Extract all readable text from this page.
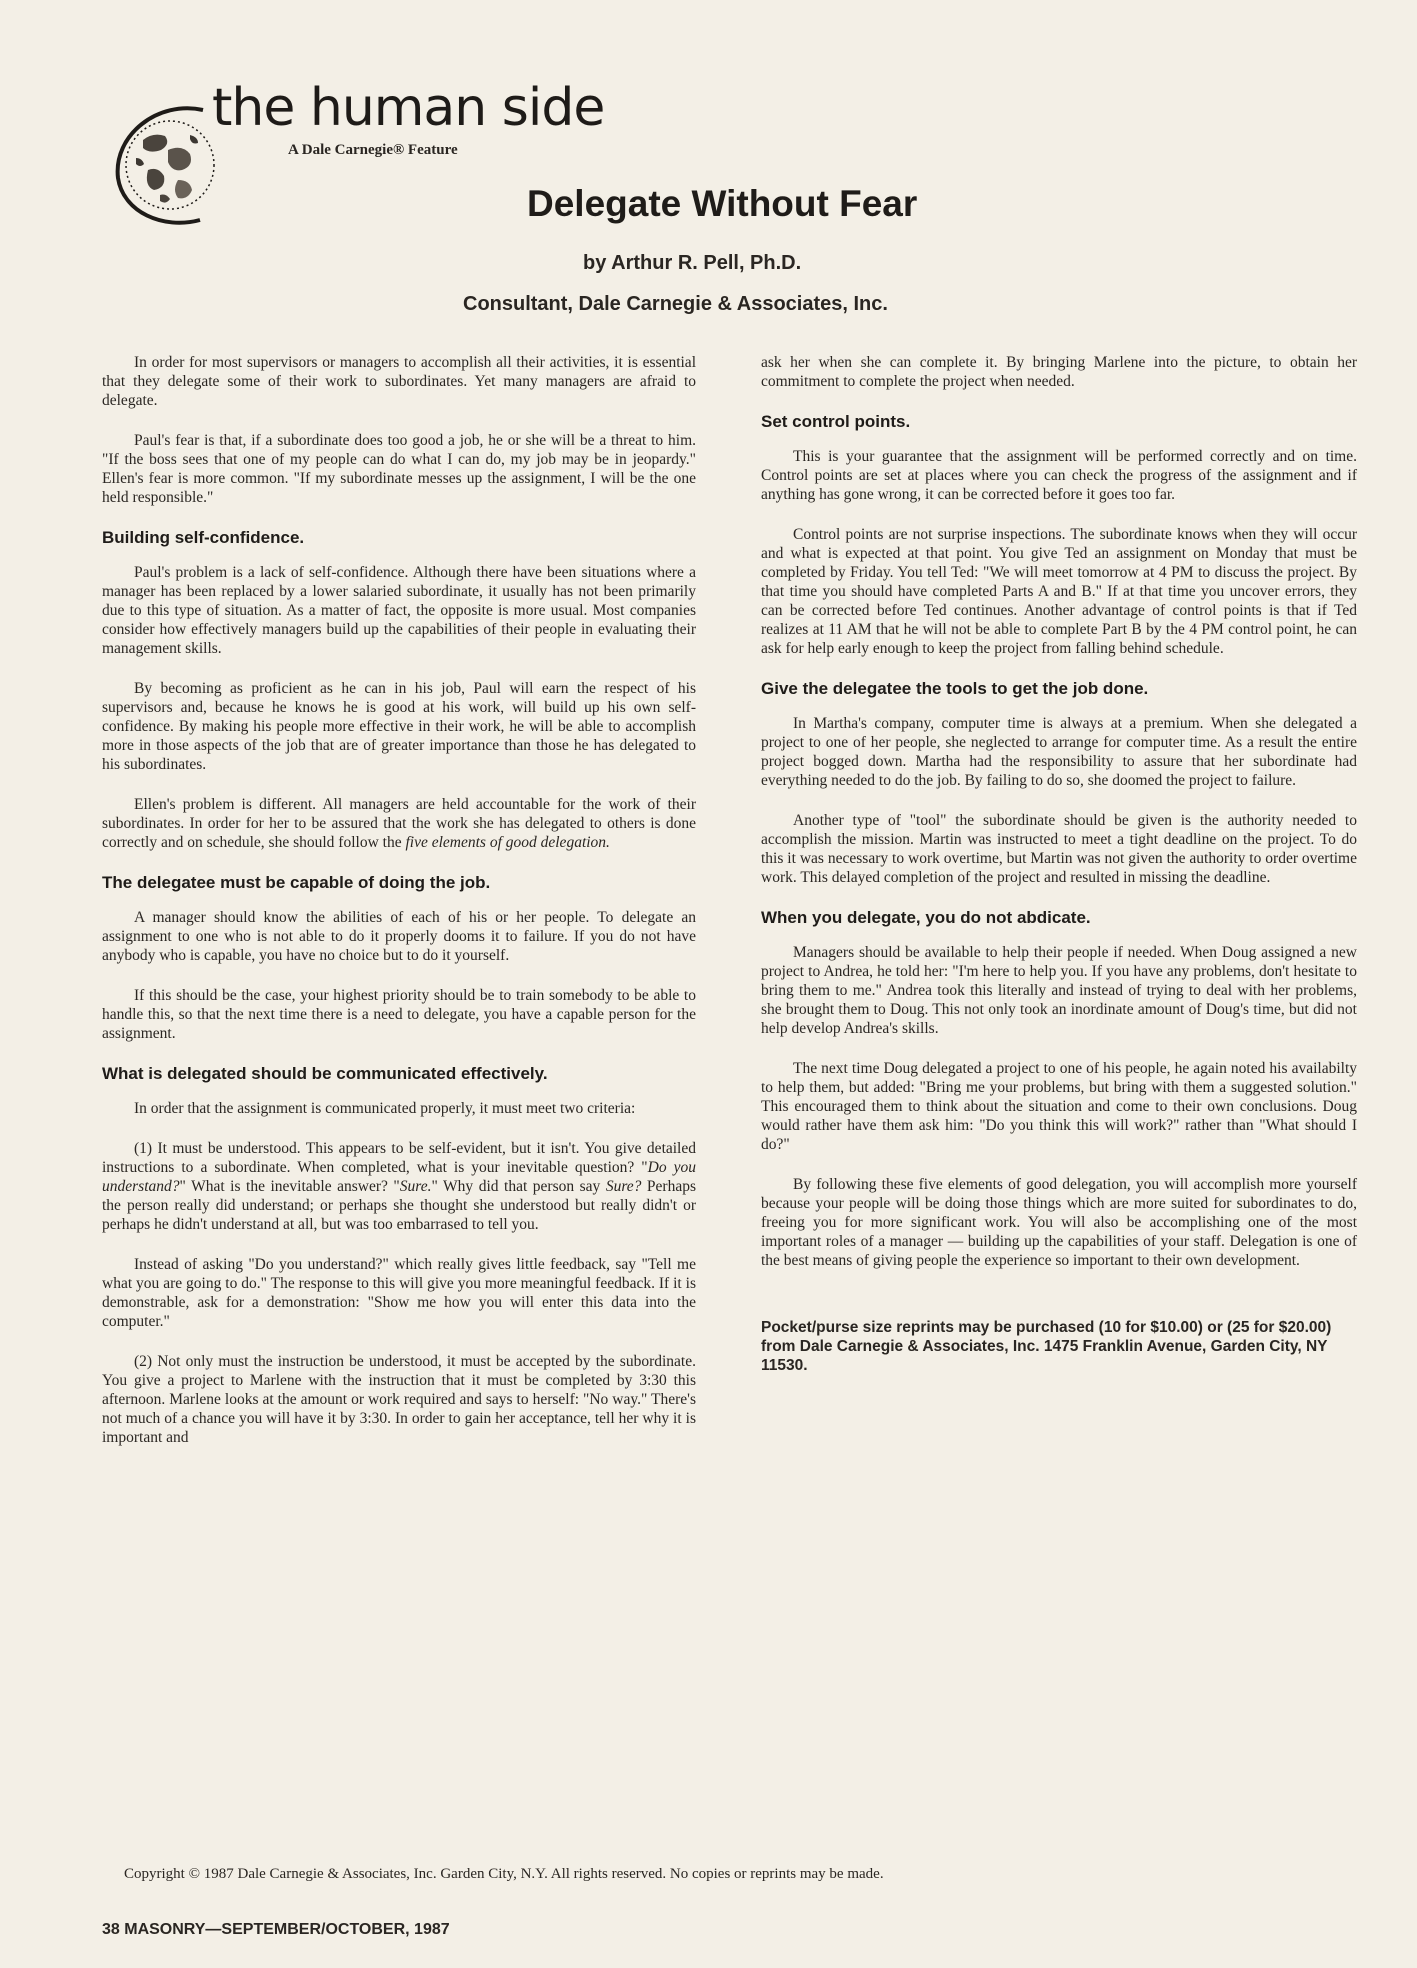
the human side
A Dale Carnegie® Feature
Delegate Without Fear
by Arthur R. Pell, Ph.D.
Consultant, Dale Carnegie & Associates, Inc.

In order for most supervisors or managers to accomplish all their activities, it is essential that they delegate some of their work to subordinates. Yet many managers are afraid to delegate.

Paul's fear is that, if a subordinate does too good a job, he or she will be a threat to him. "If the boss sees that one of my people can do what I can do, my job may be in jeopardy." Ellen's fear is more common. "If my subordinate messes up the assignment, I will be the one held responsible."

Building self-confidence.

Paul's problem is a lack of self-confidence. Although there have been situations where a manager has been replaced by a lower salaried subordinate, it usually has not been primarily due to this type of situation. As a matter of fact, the opposite is more usual. Most companies consider how effectively managers build up the capabilities of their people in evaluating their management skills.

By becoming as proficient as he can in his job, Paul will earn the respect of his supervisors and, because he knows he is good at his work, will build up his own self-confidence. By making his people more effective in their work, he will be able to accomplish more in those aspects of the job that are of greater importance than those he has delegated to his subordinates.

Ellen's problem is different. All managers are held accountable for the work of their subordinates. In order for her to be assured that the work she has delegated to others is done correctly and on schedule, she should follow the five elements of good delegation.

The delegatee must be capable of doing the job.

A manager should know the abilities of each of his or her people. To delegate an assignment to one who is not able to do it properly dooms it to failure. If you do not have anybody who is capable, you have no choice but to do it yourself.

If this should be the case, your highest priority should be to train somebody to be able to handle this, so that the next time there is a need to delegate, you have a capable person for the assignment.

What is delegated should be communicated effectively.

In order that the assignment is communicated properly, it must meet two criteria:

(1) It must be understood. This appears to be self-evident, but it isn't. You give detailed instructions to a subordinate. When completed, what is your inevitable question? "Do you understand?" What is the inevitable answer? "Sure." Why did that person say Sure? Perhaps the person really did understand; or perhaps she thought she understood but really didn't or perhaps he didn't understand at all, but was too embarrased to tell you.

Instead of asking "Do you understand?" which really gives little feedback, say "Tell me what you are going to do." The response to this will give you more meaningful feedback. If it is demonstrable, ask for a demonstration: "Show me how you will enter this data into the computer."

(2) Not only must the instruction be understood, it must be accepted by the subordinate. You give a project to Marlene with the instruction that it must be completed by 3:30 this afternoon. Marlene looks at the amount or work required and says to herself: "No way." There's not much of a chance you will have it by 3:30. In order to gain her acceptance, tell her why it is important and

ask her when she can complete it. By bringing Marlene into the picture, to obtain her commitment to complete the project when needed.

Set control points.

This is your guarantee that the assignment will be performed correctly and on time. Control points are set at places where you can check the progress of the assignment and if anything has gone wrong, it can be corrected before it goes too far.

Control points are not surprise inspections. The subordinate knows when they will occur and what is expected at that point. You give Ted an assignment on Monday that must be completed by Friday. You tell Ted: "We will meet tomorrow at 4 PM to discuss the project. By that time you should have completed Parts A and B." If at that time you uncover errors, they can be corrected before Ted continues. Another advantage of control points is that if Ted realizes at 11 AM that he will not be able to complete Part B by the 4 PM control point, he can ask for help early enough to keep the project from falling behind schedule.

Give the delegatee the tools to get the job done.

In Martha's company, computer time is always at a premium. When she delegated a project to one of her people, she neglected to arrange for computer time. As a result the entire project bogged down. Martha had the responsibility to assure that her subordinate had everything needed to do the job. By failing to do so, she doomed the project to failure.

Another type of "tool" the subordinate should be given is the authority needed to accomplish the mission. Martin was instructed to meet a tight deadline on the project. To do this it was necessary to work overtime, but Martin was not given the authority to order overtime work. This delayed completion of the project and resulted in missing the deadline.

When you delegate, you do not abdicate.

Managers should be available to help their people if needed. When Doug assigned a new project to Andrea, he told her: "I'm here to help you. If you have any problems, don't hesitate to bring them to me." Andrea took this literally and instead of trying to deal with her problems, she brought them to Doug. This not only took an inordinate amount of Doug's time, but did not help develop Andrea's skills.

The next time Doug delegated a project to one of his people, he again noted his availabilty to help them, but added: "Bring me your problems, but bring with them a suggested solution." This encouraged them to think about the situation and come to their own conclusions. Doug would rather have them ask him: "Do you think this will work?" rather than "What should I do?"

By following these five elements of good delegation, you will accomplish more yourself because your people will be doing those things which are more suited for subordinates to do, freeing you for more significant work. You will also be accomplishing one of the most important roles of a manager — building up the capabilities of your staff. Delegation is one of the best means of giving people the experience so important to their own development.

Pocket/purse size reprints may be purchased (10 for $10.00) or (25 for $20.00) from Dale Carnegie & Associates, Inc. 1475 Franklin Avenue, Garden City, NY 11530.
Copyright © 1987 Dale Carnegie & Associates, Inc. Garden City, N.Y. All rights reserved. No copies or reprints may be made.
38 MASONRY—SEPTEMBER/OCTOBER, 1987
